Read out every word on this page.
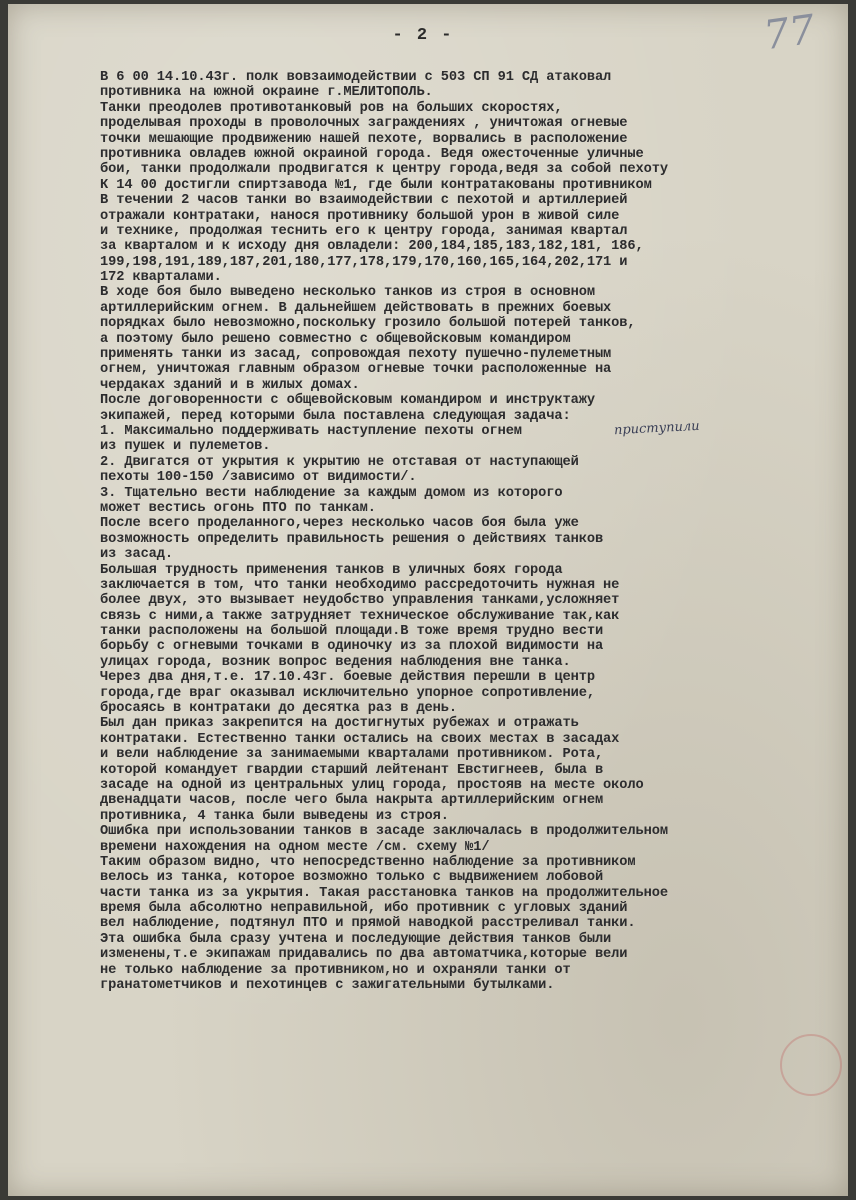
- 2 -	77
В 6 00 14.10.43г. полк вовзаимодействии с 503 СП 91 СД атаковал
противника на южной окраине г.МЕЛИТОПОЛЬ.
Танки преодолев противотанковый ров на больших скоростях,
проделывая проходы в проволочных заграждениях , уничтожая огневые
точки мешающие продвижению нашей пехоте, ворвались в расположение
противника овладев южной окраиной города. Ведя ожесточенные уличные
бои, танки продолжали продвигатся к центру города,ведя за собой пехоту
К 14 00 достигли спиртзавода №1, где были контратакованы противником
В течении 2 часов танки во взаимодействии с пехотой и артиллерией
отражали контратаки, нанося противнику большой урон в живой силе
и технике, продолжая теснить его к центру города, занимая квартал
за кварталом и к исходу дня овладели: 200,184,185,183,182,181, 186,
199,198,191,189,187,201,180,177,178,179,170,160,165,164,202,171 и
172 кварталами.
В ходе боя было выведено несколько танков из строя в основном
артиллерийским огнем. В дальнейшем действовать в прежних боевых
порядках было невозможно,поскольку грозило большой потерей танков,
а поэтому было решено совместно с общевойсковым командиром
применять танки из засад, сопровождая пехоту пушечно-пулеметным
огнем, уничтожая главным образом огневые точки расположенные на
чердаках зданий и в жилых домах.
После договоренности с общевойсковым командиром и инструктажу
экипажей, перед которыми была поставлена следующая задача:
1. Максимально поддерживать наступление пехоты огнем
из пушек и пулеметов.
2. Двигатся от укрытия к укрытию не отставая от наступающей
пехоты 100-150 /зависимо от видимости/.
3. Тщательно вести наблюдение за каждым домом из которого
может вестись огонь ПТО по танкам.
После всего проделанного,через несколько часов боя была уже
возможность определить правильность решения о действиях танков
из засад.
Большая трудность применения танков в уличных боях города
заключается в том, что танки необходимо рассредоточить нужная не
более двух, это вызывает неудобство управления танками,усложняет
связь с ними,а также затрудняет техническое обслуживание так,как
танки расположены на большой площади.В тоже время трудно вести
борьбу с огневыми точками в одиночку из за плохой видимости на
улицах города, возник вопрос ведения наблюдения вне танка.
Через два дня,т.е. 17.10.43г. боевые действия перешли в центр
города,где враг оказывал исключительно упорное сопротивление,
бросаясь в контратаки до десятка раз в день.
Был дан приказ закрепится на достигнутых рубежах и отражать
контратаки. Естественно танки остались на своих местах в засадах
и вели наблюдение за занимаемыми кварталами противником. Рота,
которой командует гвардии старший лейтенант Евстигнеев, была в
засаде на одной из центральных улиц города, простояв на месте около
двенадцати часов, после чего была накрыта артиллерийским огнем
противника, 4 танка были выведены из строя.
Ошибка при использовании танков в засаде заключалась в продолжительном
времени нахождения на одном месте /см. схему №1/
Таким образом видно, что непосредственно наблюдение за противником
велось из танка, которое возможно только с выдвижением лобовой
части танка из за укрытия. Такая расстановка танков на продолжительное
время была абсолютно неправильной, ибо противник с угловых зданий
вел наблюдение, подтянул ПТО и прямой наводкой расстреливал танки.
Эта ошибка была сразу учтена и последующие действия танков были
изменены,т.е экипажам придавались по два автоматчика,которые вели
не только наблюдение за противником,но и охраняли танки от
гранатометчиков и пехотинцев с зажигательными бутылками.
приступили
